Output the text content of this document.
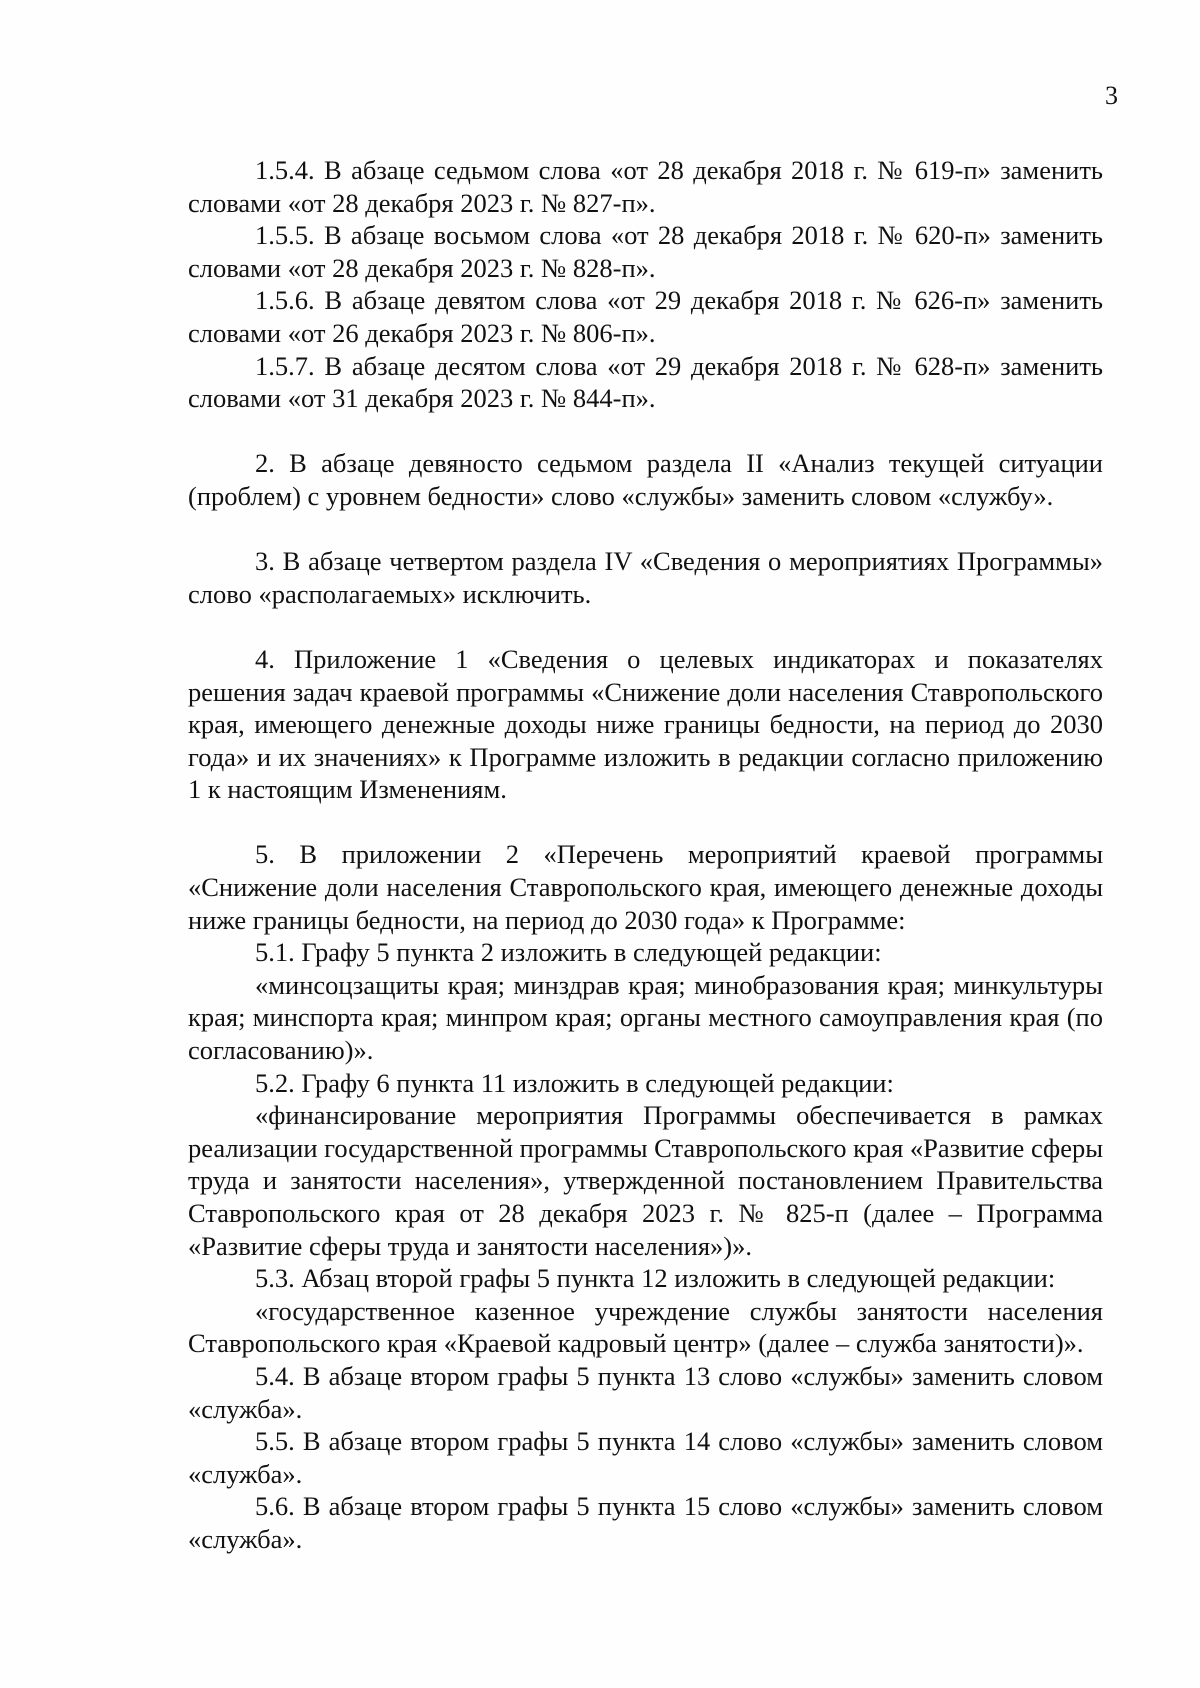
3

1.5.4. В абзаце седьмом слова «от 28 декабря 2018 г. № 619-п» заменить словами «от 28 декабря 2023 г. № 827-п».

1.5.5. В абзаце восьмом слова «от 28 декабря 2018 г. № 620-п» заменить словами «от 28 декабря 2023 г. № 828-п».

1.5.6. В абзаце девятом слова «от 29 декабря 2018 г. № 626-п» заменить словами «от 26 декабря 2023 г. № 806-п».

1.5.7. В абзаце десятом слова «от 29 декабря 2018 г. № 628-п» заменить словами «от 31 декабря 2023 г. № 844-п».

2. В абзаце девяносто седьмом раздела II «Анализ текущей ситуации (проблем) с уровнем бедности» слово «службы» заменить словом «службу».

3. В абзаце четвертом раздела IV «Сведения о мероприятиях Программы» слово «располагаемых» исключить.

4. Приложение 1 «Сведения о целевых индикаторах и показателях решения задач краевой программы «Снижение доли населения Ставропольского края, имеющего денежные доходы ниже границы бедности, на период до 2030 года» и их значениях» к Программе изложить в редакции согласно приложению 1 к настоящим Изменениям.

5. В приложении 2 «Перечень мероприятий краевой программы «Снижение доли населения Ставропольского края, имеющего денежные доходы ниже границы бедности, на период до 2030 года» к Программе:

5.1. Графу 5 пункта 2 изложить в следующей редакции:

«минсоцзащиты края; минздрав края; минобразования края; минкультуры края; минспорта края; минпром края; органы местного самоуправления края (по согласованию)».

5.2. Графу 6 пункта 11 изложить в следующей редакции:

«финансирование мероприятия Программы обеспечивается в рамках реализации государственной программы Ставропольского края «Развитие сферы труда и занятости населения», утвержденной постановлением Правительства Ставропольского края от 28 декабря 2023 г. № 825-п (далее – Программа «Развитие сферы труда и занятости населения»)».

5.3. Абзац второй графы 5 пункта 12 изложить в следующей редакции:

«государственное казенное учреждение службы занятости населения Ставропольского края «Краевой кадровый центр» (далее – служба занятости)».

5.4. В абзаце втором графы 5 пункта 13 слово «службы» заменить словом «служба».

5.5. В абзаце втором графы 5 пункта 14 слово «службы» заменить словом «служба».

5.6. В абзаце втором графы 5 пункта 15 слово «службы» заменить словом «служба».
